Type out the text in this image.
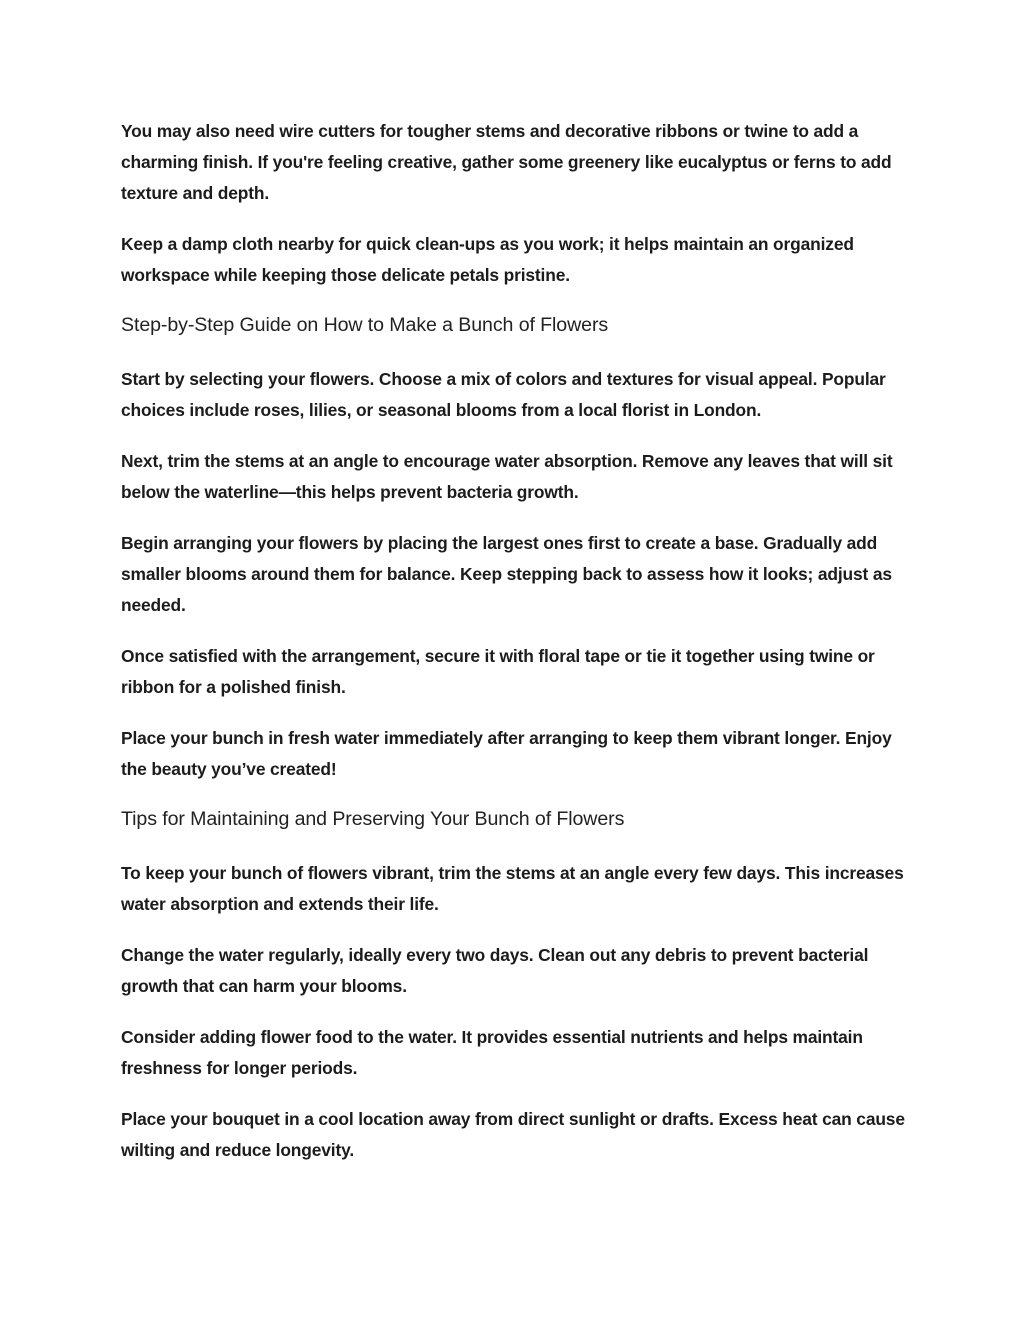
You may also need wire cutters for tougher stems and decorative ribbons or twine to add a charming finish. If you're feeling creative, gather some greenery like eucalyptus or ferns to add texture and depth.

Keep a damp cloth nearby for quick clean-ups as you work; it helps maintain an organized workspace while keeping those delicate petals pristine.

Step-by-Step Guide on How to Make a Bunch of Flowers

Start by selecting your flowers. Choose a mix of colors and textures for visual appeal. Popular choices include roses, lilies, or seasonal blooms from a local florist in London.

Next, trim the stems at an angle to encourage water absorption. Remove any leaves that will sit below the waterline—this helps prevent bacteria growth.

Begin arranging your flowers by placing the largest ones first to create a base. Gradually add smaller blooms around them for balance. Keep stepping back to assess how it looks; adjust as needed.

Once satisfied with the arrangement, secure it with floral tape or tie it together using twine or ribbon for a polished finish.

Place your bunch in fresh water immediately after arranging to keep them vibrant longer. Enjoy the beauty you’ve created!

Tips for Maintaining and Preserving Your Bunch of Flowers

To keep your bunch of flowers vibrant, trim the stems at an angle every few days. This increases water absorption and extends their life.

Change the water regularly, ideally every two days. Clean out any debris to prevent bacterial growth that can harm your blooms.

Consider adding flower food to the water. It provides essential nutrients and helps maintain freshness for longer periods.

Place your bouquet in a cool location away from direct sunlight or drafts. Excess heat can cause wilting and reduce longevity.
